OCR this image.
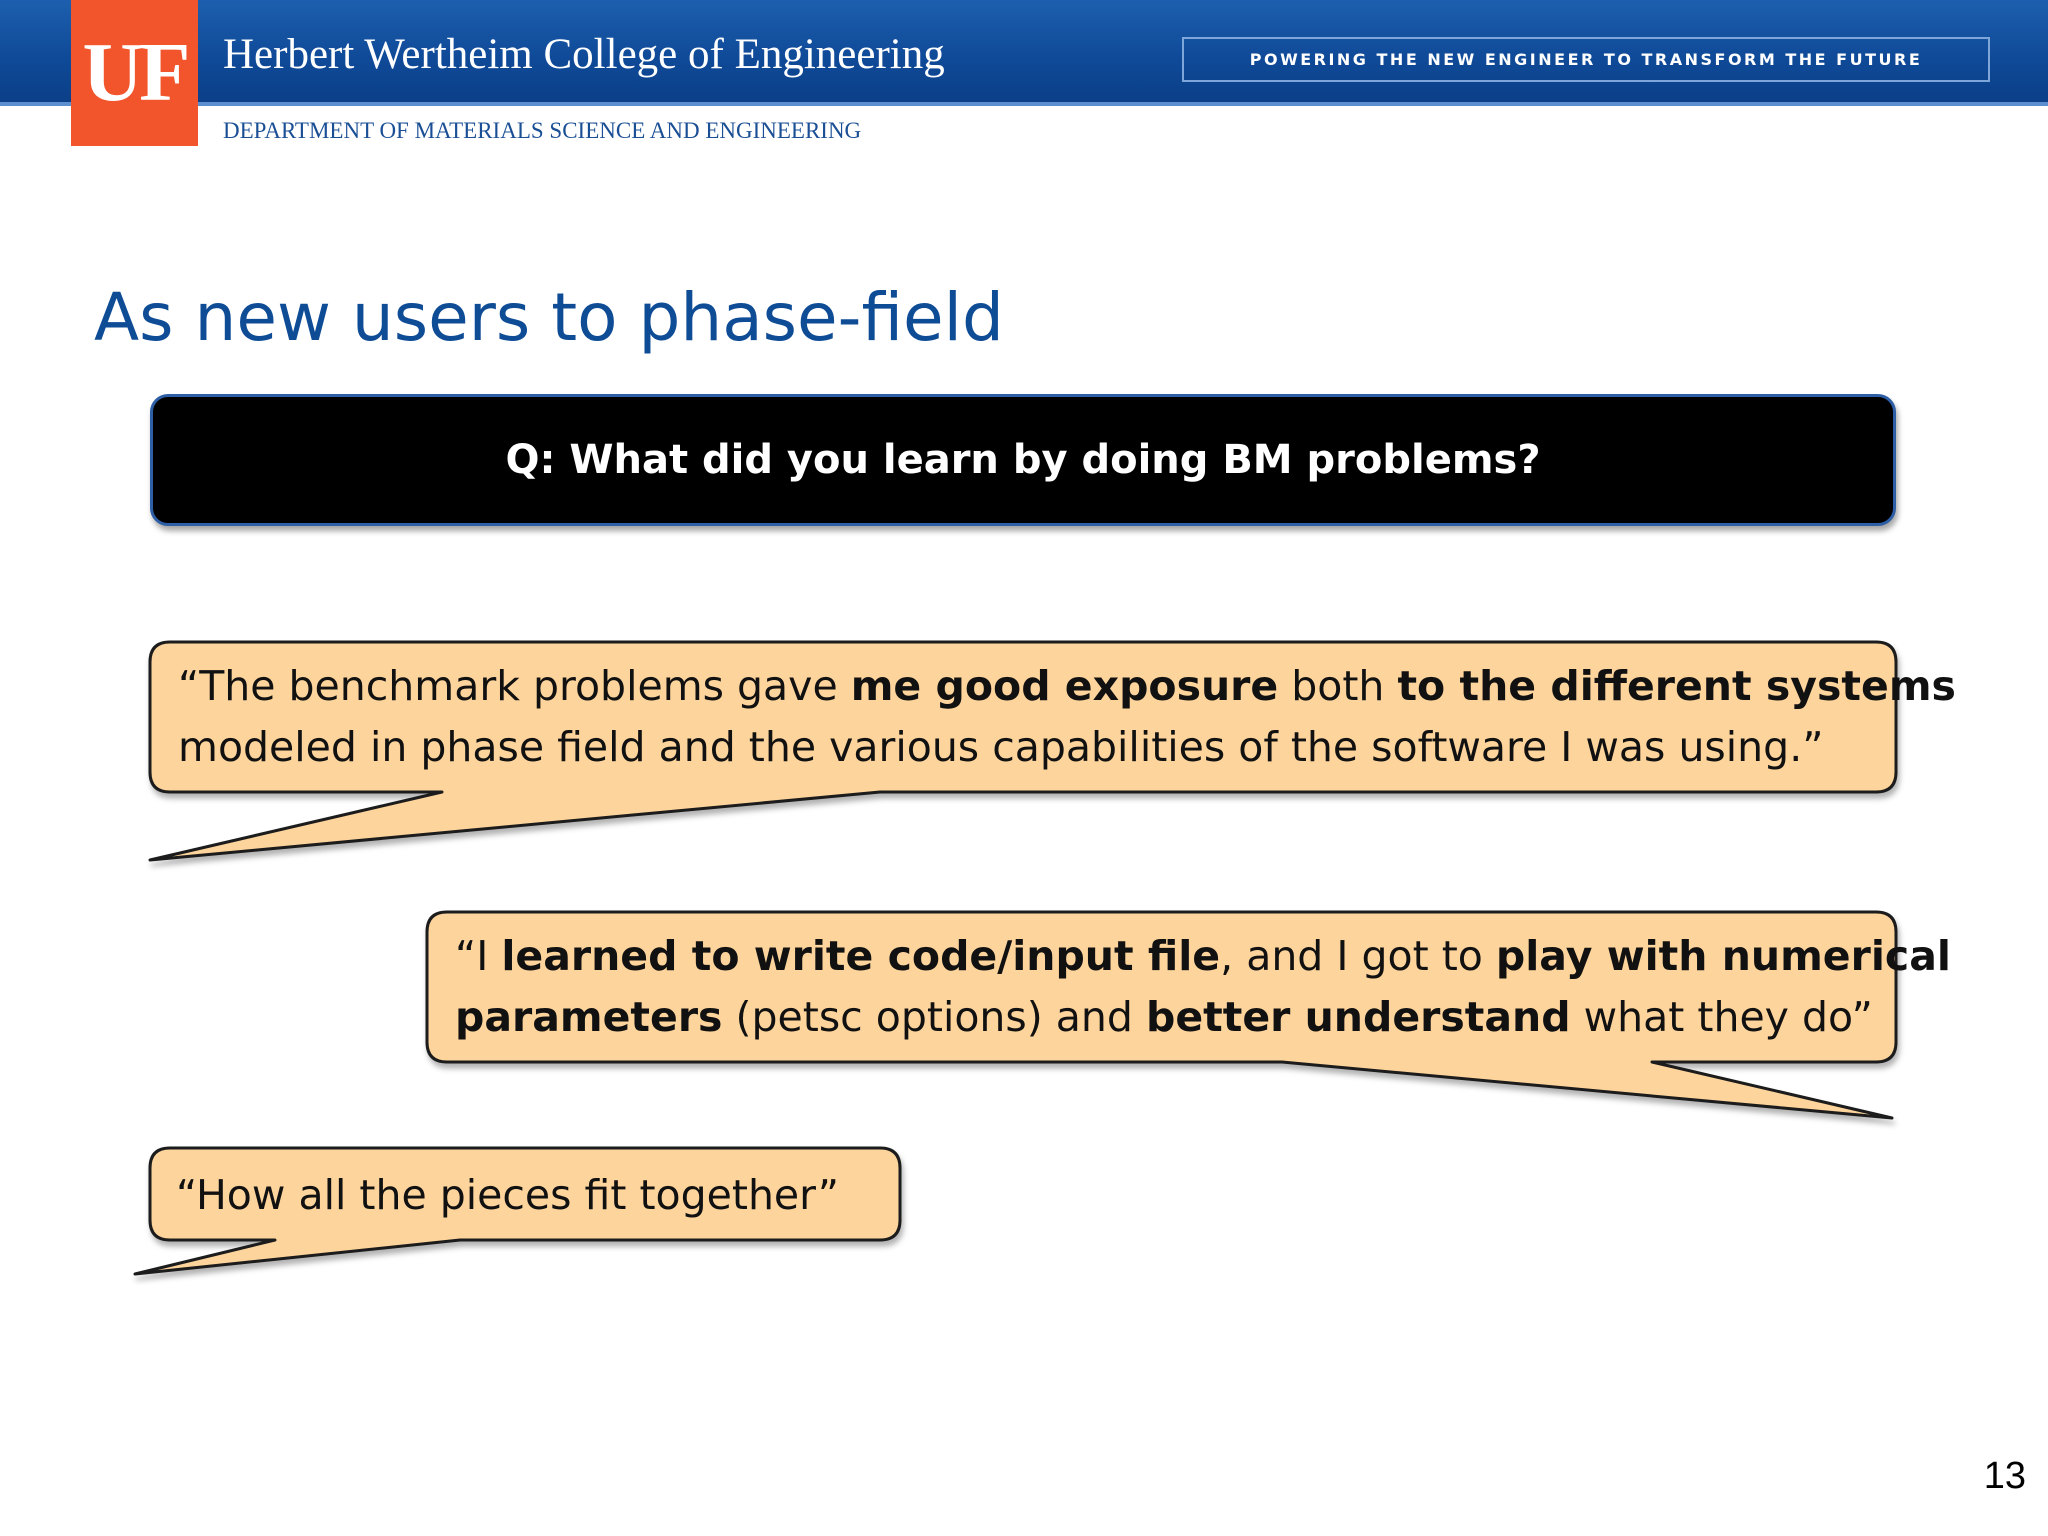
UF Herbert Wertheim College of Engineering	POWERING THE NEW ENGINEER TO TRANSFORM THE FUTURE
DEPARTMENT OF MATERIALS SCIENCE AND ENGINEERING
As new users to phase-field
Q: What did you learn by doing BM problems?
“The benchmark problems gave me good exposure both to the different systems
modeled in phase field and the various capabilities of the software I was using.”
“I learned to write code/input file, and I got to play with numerical
parameters (petsc options) and better understand what they do”
“How all the pieces fit together”
13
